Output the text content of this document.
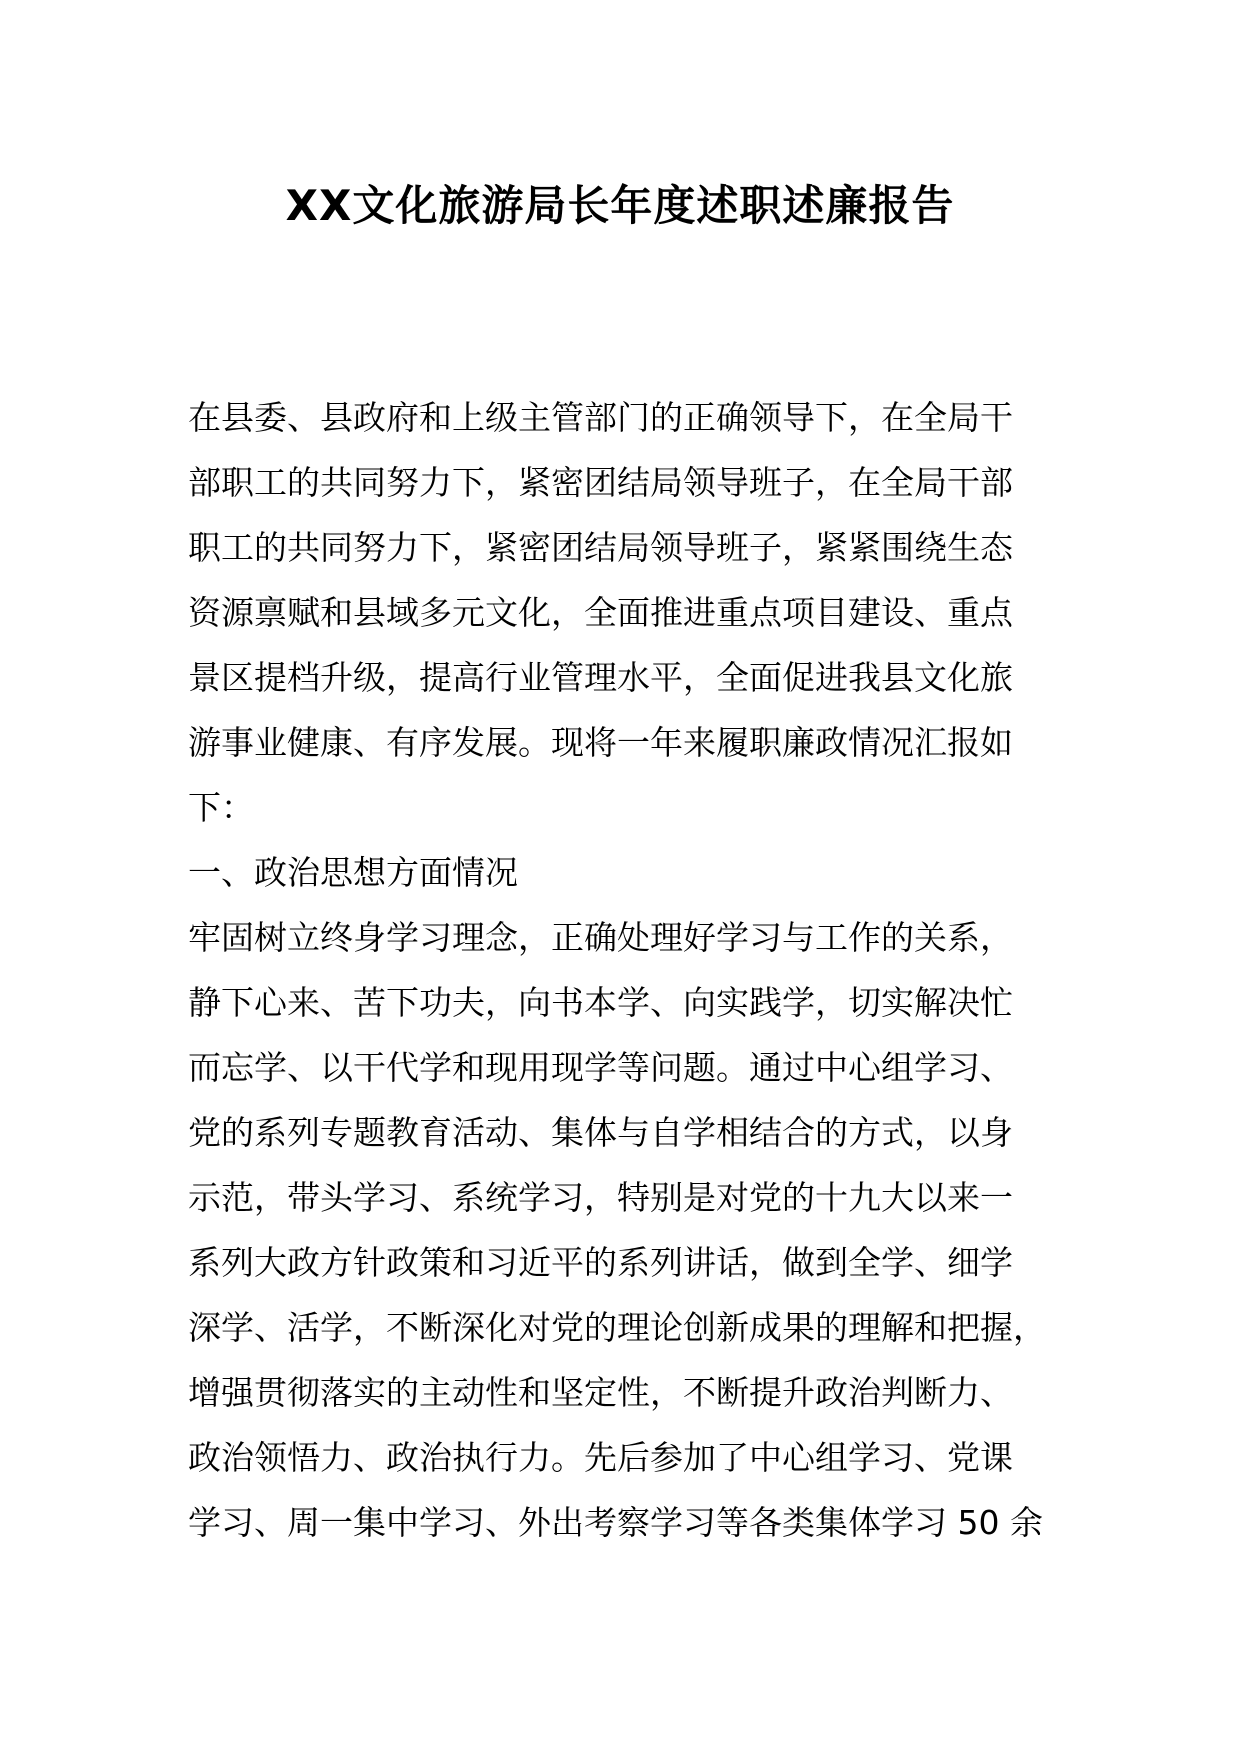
XX文化旅游局长年度述职述廉报告

在县委、县政府和上级主管部门的正确领导下，在全局干

部职工的共同努力下，紧密团结局领导班子，在全局干部

职工的共同努力下，紧密团结局领导班子，紧紧围绕生态

资源禀赋和县域多元文化，全面推进重点项目建设、重点

景区提档升级，提高行业管理水平，全面促进我县文化旅

游事业健康、有序发展。现将一年来履职廉政情况汇报如

下：

一、政治思想方面情况

牢固树立终身学习理念，正确处理好学习与工作的关系，

静下心来、苦下功夫，向书本学、向实践学，切实解决忙

而忘学、以干代学和现用现学等问题。通过中心组学习、

党的系列专题教育活动、集体与自学相结合的方式，以身

示范，带头学习、系统学习，特别是对党的十九大以来一

系列大政方针政策和习近平的系列讲话，做到全学、细学

深学、活学，不断深化对党的理论创新成果的理解和把握，

增强贯彻落实的主动性和坚定性，不断提升政治判断力、

政治领悟力、政治执行力。先后参加了中心组学习、党课

学习、周一集中学习、外出考察学习等各类集体学习 50 余
